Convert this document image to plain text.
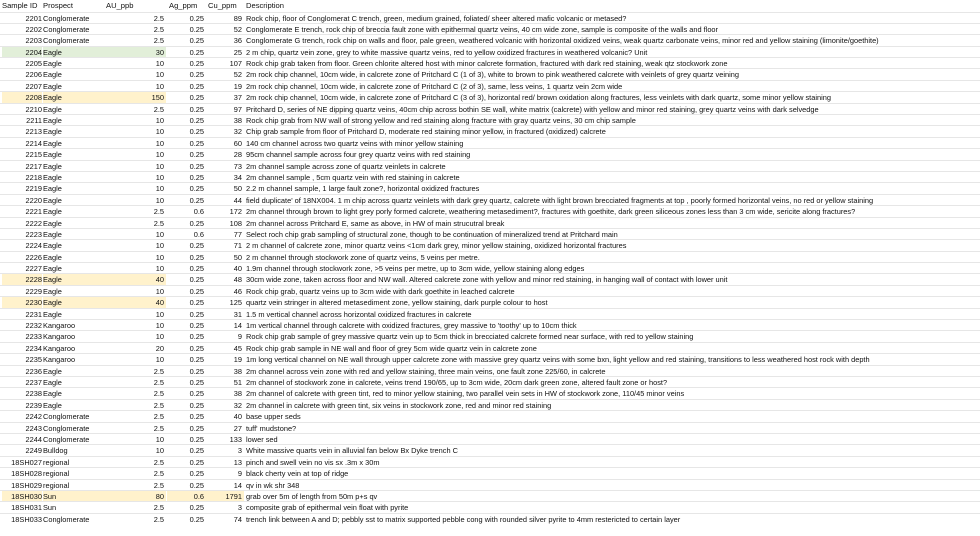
Sample ID Prospect	AU_ppb	Ag_ppm	Cu_ppm	Description
2201 Conglomerate	2.5	0.25	89 Rock chip, floor of Conglomerat C trench, green, medium grained, foliated/ sheer altered mafic volcanic or metased?
2202 Conglomerate	2.5	0.25	52 Conglomerate E trench, rock chip of breccia fault zone with epithermal quartz veins, 40 cm wide zone, sample is composite of the walls and floor
2203 Conglomerate	2.5	0.25	36 Conglomerate G trench, rock chip on walls and floor, pale green, weathered volcanic with horizontal oxidized veins, weak quartz carbonate veins, minor red and yellow staining (limonite/goethite)
2204 Eagle	30	0.25	25 2 m chip, quartz vein zone, grey to white massive quartz veins, red to yellow oxidized fractures in weathered volcanic? Unit
2205 Eagle	10	0.25	107 Rock chip grab taken from floor. Green chlorite altered host with minor calcrete formation, fractured with dark red staining, weak qtz stockwork zone
2206 Eagle	10	0.25	52 2m rock chip channel, 10cm wide, in calcrete zone of Pritchard C (1 of 3), white to brown to pink weathered calcrete with veinlets of grey quartz veining
2207 Eagle	10	0.25	19 2m rock chip channel, 10cm wide, in calcrete zone of Pritchard C (2 of 3), same, less veins, 1 quartz vein 2cm wide
2208 Eagle	150	0.25	37 2m rock chip channel, 10cm wide, in calcrete zone of Pritchard C (3 of 3), horizontal red/ brown oxidation along fractures, less veinlets with dark quartz, some minor yellow staining
2210 Eagle	2.5	0.25	97 Pritchard D, series of NE dipping quartz veins, 40cm chip across bothin SE wall, white matrix (calcrete) with yellow and minor red staining, grey quartz veins with dark selvedge
2211 Eagle	10	0.25	38 Rock chip grab from NW wall of strong yellow and red staining along fracture with gray quartz veins, 30 cm chip sample
2213 Eagle	10	0.25	32 Chip grab sample from floor of Pritchard D, moderate red staining minor yellow, in fractured (oxidized) calcrete
2214 Eagle	10	0.25	60 140 cm channel across two quartz veins with minor yellow staining
2215 Eagle	10	0.25	28 95cm channel sample across four grey quartz veins with red staining
2217 Eagle	10	0.25	73 2m channel sample across zone of quartz veinlets in calcrete
2218 Eagle	10	0.25	34 2m channel sample , 5cm quartz vein with red staining in calcrete
2219 Eagle	10	0.25	50 2.2 m channel sample, 1 large fault zone?, horizontal oxidized fractures
2220 Eagle	10	0.25	44 field duplicate' of 18NX004. 1 m chip across quartz veinlets with dark grey quartz, calcrete with light brown brecciated fragments at top , poorly formed horizontal veins, no red or yellow staining
2221 Eagle	2.5	0.6	172 2m channel through brown to light grey porly formed calcrete, weathering metasediment?, fractures with goethite, dark green siliceous zones less than 3 cm wide, sericite along fractures?
2222 Eagle	2.5	0.25	108 2m channel across Pritchard E, same as above, in HW of main strucutral break
2223 Eagle	10	0.6	77 Select roch chip grab sampling of structural zone, though to be continuation of mineralized trend at Pritchard main
2224 Eagle	10	0.25	71 2 m channel of calcrete zone, minor quartz veins <1cm dark grey, minor yellow staining, oxidized horizontal fractures
2226 Eagle	10	0.25	50 2 m channel through stockwork zone of quartz veins, 5 veins per metre.
2227 Eagle	10	0.25	40 1.9m channel through stockwork zone, >5 veins per metre, up to 3cm wide, yellow staining along edges
2228 Eagle	40	0.25	48 30cm wide zone, taken across floor and NW wall. Altered calcrete zone with yellow and minor red staining, in hanging wall of contact with lower unit
2229 Eagle	10	0.25	46 Rock chip grab, quartz veins up to 3cm wide with dark goethite in leached calcrete
2230 Eagle	40	0.25	125 quartz vein stringer in altered metasediment zone, yellow staining, dark purple colour to host
2231 Eagle	10	0.25	31 1.5 m vertical channel across horizontal oxidized fractures in calcrete
2232 Kangaroo	10	0.25	14 1m vertical channel through calcrete with oxidized fractures, grey massive to 'toothy' up to 10cm thick
2233 Kangaroo	10	0.25	9 Rock chip grab sample of grey massive quartz vein up to 5cm thick in brecciated calcrete formed near surface, with red to yellow staining
2234 Kangaroo	20	0.25	45 Rock chip grab sample in NE wall and floor of grey 5cm wide quartz vein in calcrete zone
2235 Kangaroo	10	0.25	19 1m long vertical channel on NE wall through upper calcrete zone with massive grey quartz veins with some bxn, light yellow and red staining, transitions to less weathered host rock with depth
2236 Eagle	2.5	0.25	38 2m channel across vein zone with red and yellow staining, three main veins, one fault zone 225/60, in calcrete
2237 Eagle	2.5	0.25	51 2m channel of stockwork zone in calcrete, veins trend 190/65, up to 3cm wide, 20cm dark green zone, altered fault zone or host?
2238 Eagle	2.5	0.25	38 2m channel of calcrete with green tint, red to minor yellow staining, two parallel vein sets in HW of stockwork zone, 110/45 minor veins
2239 Eagle	2.5	0.25	32 2m channel in calcrete with green tint, six veins in stockwork zone, red and minor red staining
2242 Conglomerate	2.5	0.25	40 base upper seds
2243 Conglomerate	2.5	0.25	27 tuff' mudstone?
2244 Conglomerate	10	0.25	133 lower sed
2249 Bulldog	10	0.25	3 White massive quarts vein in alluvial fan below Bx Dyke trench C
18SH027 regional	2.5	0.25	13 pinch and swell vein no vis sx .3m x 30m
18SH028 regional	2.5	0.25	9 black cherty vein at top of ridge
18SH029 regional	2.5	0.25	14 qv in wk shr 348
18SH030 Sun	80	0.6	1791 grab over 5m of length from 50m p+s qv
18SH031 Sun	2.5	0.25	3 composite grab of epithermal vein float with pyrite
18SH033 Conglomerate	2.5	0.25	74 trench link between A and D; pebbly sst to matrix supported pebble cong with rounded silver pyrite to 4mm restericted to certain layer
